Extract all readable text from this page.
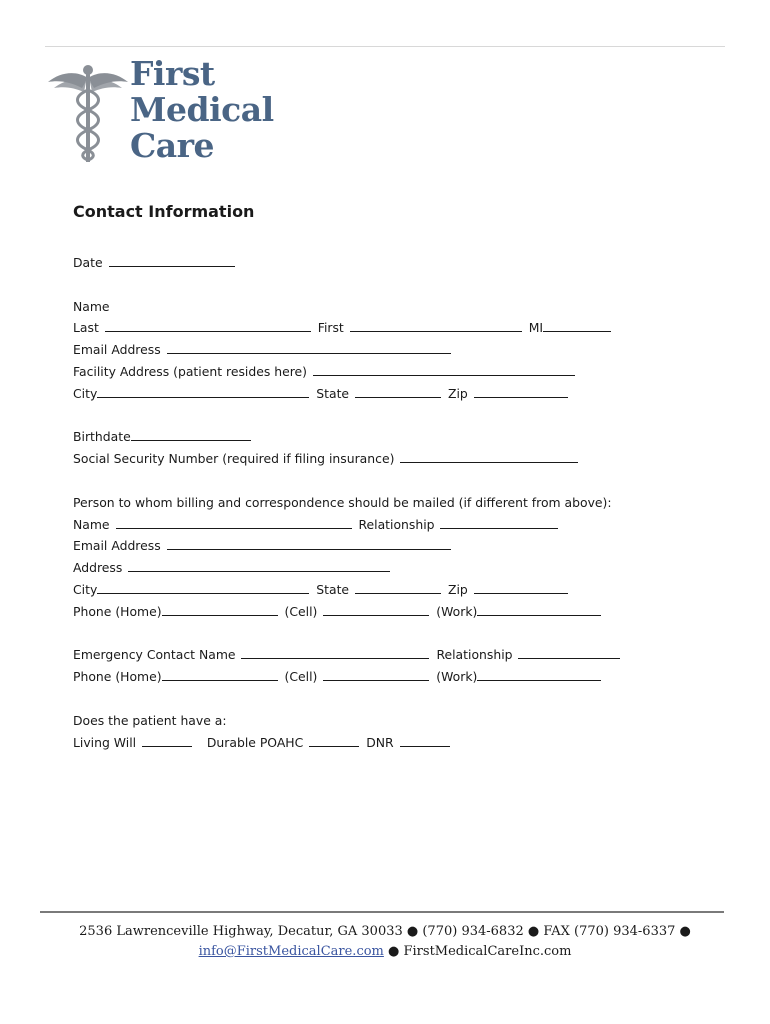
First
Medical
Care
Contact Information
Date
Name
Last	First	MI
Email Address
Facility Address (patient resides here)
City	State	Zip
Birthdate
Social Security Number (required if filing insurance)
Person to whom billing and correspondence should be mailed (if different from above):
Name	Relationship
Email Address
Address
City	State	Zip
Phone (Home)	(Cell)	(Work)
Emergency Contact Name	Relationship
Phone (Home)	(Cell)	(Work)
Does the patient have a:
Living Will	Durable POAHC	DNR
2536 Lawrenceville Highway, Decatur, GA 30033 ● (770) 934-6832 ● FAX (770) 934-6337 ●
info@FirstMedicalCare.com ● FirstMedicalCareInc.com
